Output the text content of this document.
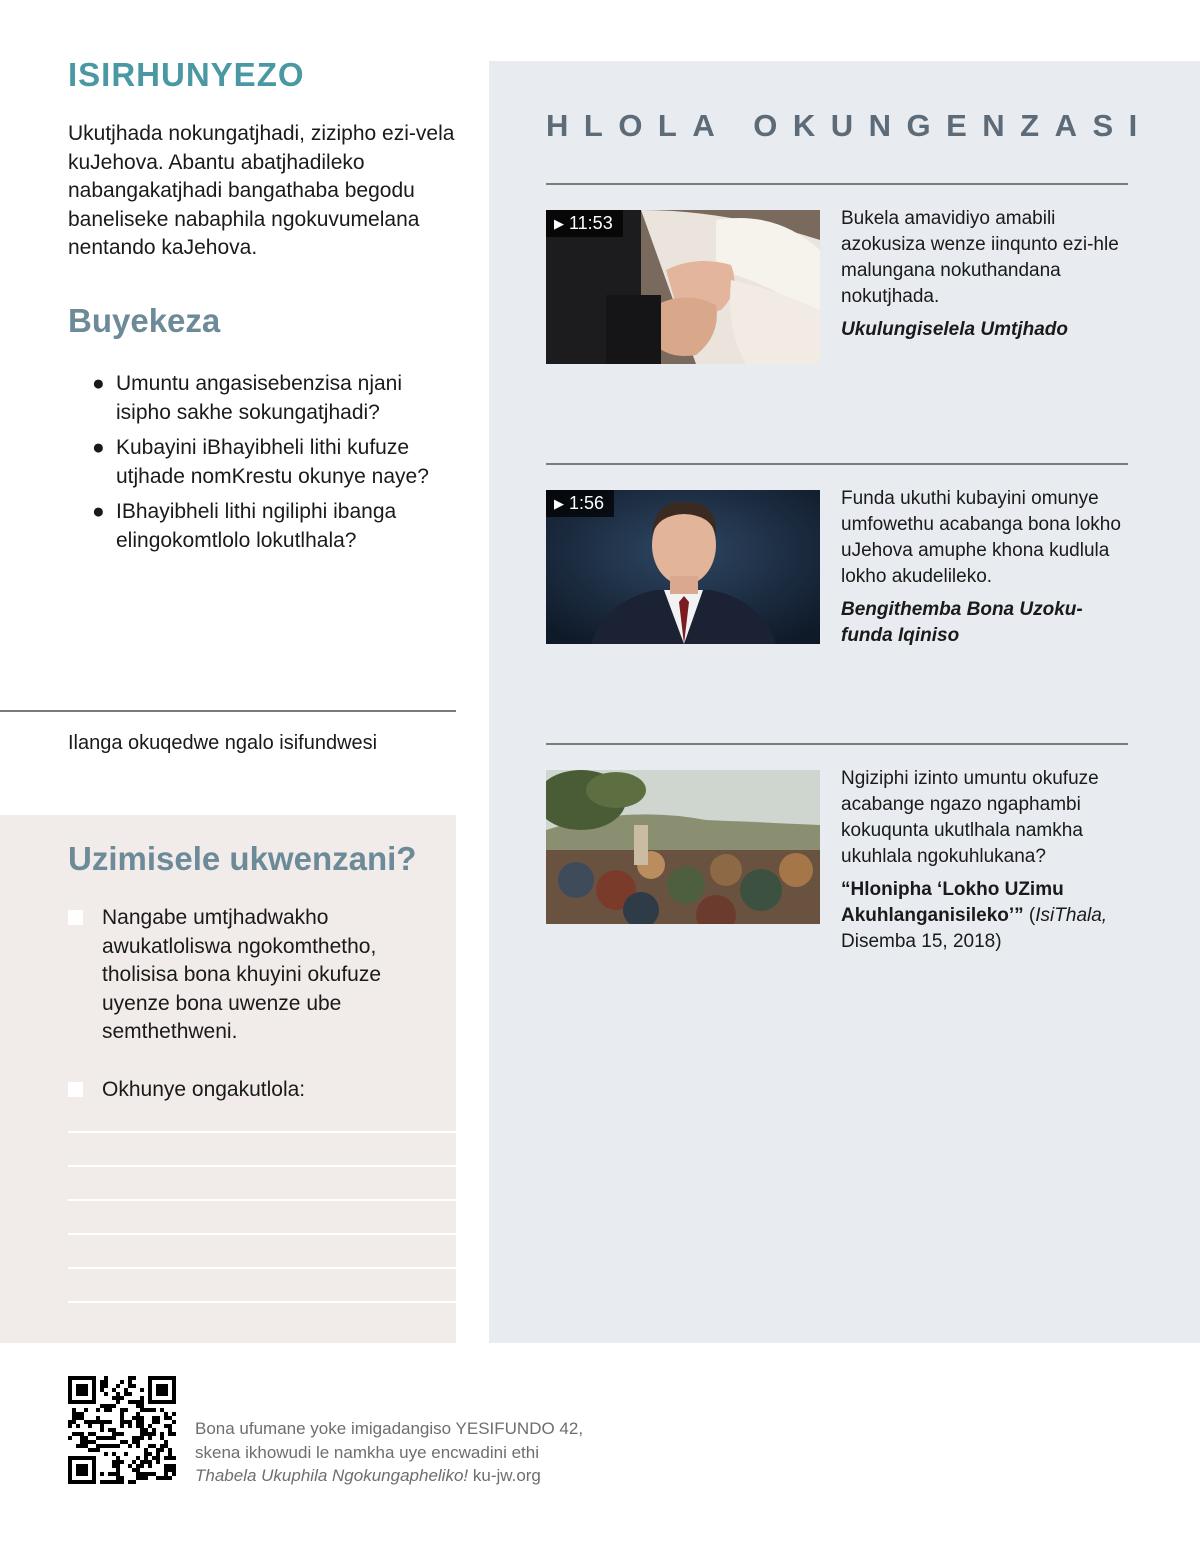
ISIRHUNYEZO
Ukutjhada nokungatjhadi, zizipho ezi-vela kuJehova. Abantu abatjhadileko nabangakatjhadi bangathaba begodu baneliseke nabaphila ngokuvumelana nentando kaJehova.
Buyekeza
● Umuntu angasisebenzisa njani isipho sakhe sokungatjhadi?
● Kubayini iBhayibheli lithi kufuze utjhade nomKrestu okunye naye?
● IBhayibheli lithi ngiliphi ibanga elingokomtlolo lokutlhala?
Ilanga okuqedwe ngalo isifundwesi
Uzimisele ukwenzani?
Nangabe umtjhadwakho awukatloliswa ngokomthetho, tholisisa bona khuyini okufuze uyenze bona uwenze ube semthethweni.
Okhunye ongakutlola:
HLOLA OKUNGENZASI
▶ 11:53	Bukela amavidiyo amabili azokusiza wenze iinqunto ezi-hle malungana nokuthandana nokutjhada.
Ukulungiselela Umtjhado
▶ 1:56	Funda ukuthi kubayini omunye umfowethu acabanga bona lokho uJehova amuphe khona kudlula lokho akudelileko.
Bengithemba Bona Uzoku-funda Iqiniso
Ngiziphi izinto umuntu okufuze acabange ngazo ngaphambi kokuqunta ukutlhala namkha ukuhlala ngokuhlukana?
“Hlonipha ‘Lokho UZimu Akuhlanganisileko’” (IsiThala, Disemba 15, 2018)
Bona ufumane yoke imigadangiso YESIFUNDO 42,
skena ikhowudi le namkha uye encwadini ethi
Thabela Ukuphila Ngokungapheliko! ku-jw.org
